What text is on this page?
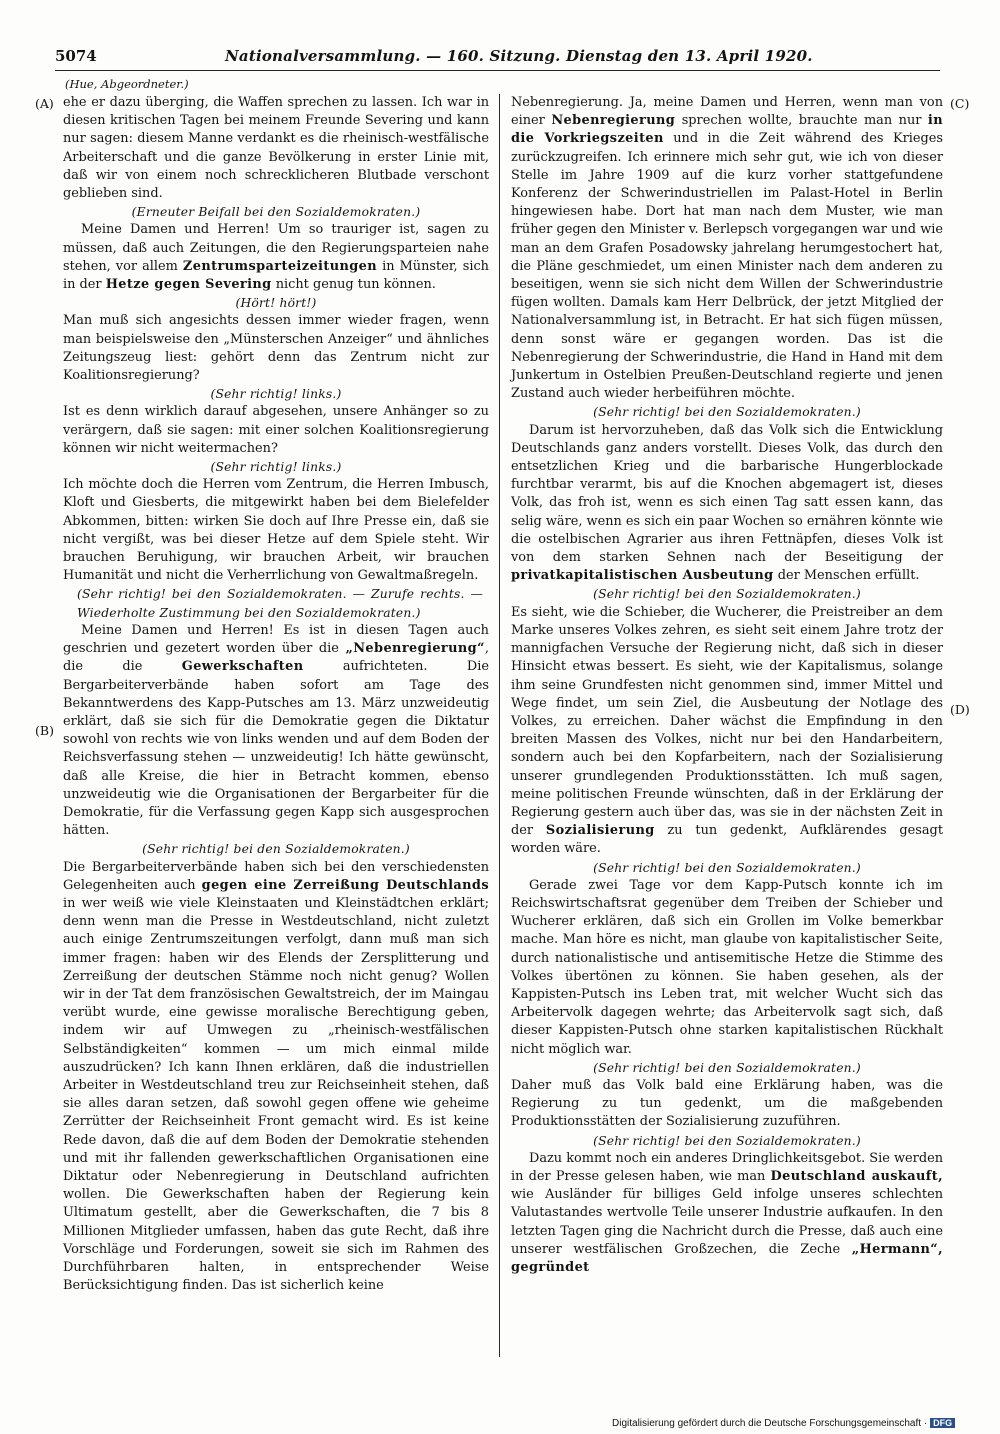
5074	Nationalversammlung. — 160. Sitzung. Dienstag den 13. April 1920.
(Hue, Abgeordneter.)
(A)
(B)
(C)
(D)

ehe er dazu überging, die Waffen sprechen zu lassen. Ich war in diesen kritischen Tagen bei meinem Freunde Severing und kann nur sagen: diesem Manne verdankt es die rheinisch-westfälische Arbeiterschaft und die ganze Bevölkerung in erster Linie mit, daß wir von einem noch schrecklicheren Blutbade verschont geblieben sind.

(Erneuter Beifall bei den Sozialdemokraten.)

Meine Damen und Herren! Um so trauriger ist, sagen zu müssen, daß auch Zeitungen, die den Regierungsparteien nahe stehen, vor allem Zentrumsparteizeitungen in Münster, sich in der Hetze gegen Severing nicht genug tun können.

(Hört! hört!)

Man muß sich angesichts dessen immer wieder fragen, wenn man beispielsweise den „Münsterschen Anzeiger“ und ähnliches Zeitungszeug liest: gehört denn das Zentrum nicht zur Koalitionsregierung?

(Sehr richtig! links.)

Ist es denn wirklich darauf abgesehen, unsere Anhänger so zu verärgern, daß sie sagen: mit einer solchen Koalitionsregierung können wir nicht weitermachen?

(Sehr richtig! links.)

Ich möchte doch die Herren vom Zentrum, die Herren Imbusch, Kloft und Giesberts, die mitgewirkt haben bei dem Bielefelder Abkommen, bitten: wirken Sie doch auf Ihre Presse ein, daß sie nicht vergißt, was bei dieser Hetze auf dem Spiele steht. Wir brauchen Beruhigung, wir brauchen Arbeit, wir brauchen Humanität und nicht die Verherrlichung von Gewaltmaßregeln.

(Sehr richtig! bei den Sozialdemokraten. — Zurufe rechts. — Wiederholte Zustimmung bei den Sozialdemokraten.)

Meine Damen und Herren! Es ist in diesen Tagen auch geschrien und gezetert worden über die „Nebenregierung“, die die	Gewerkschaften	aufrichteten. Die Bergarbeiterverbände haben sofort am Tage des Bekanntwerdens des Kapp-Putsches am 13. März unzweideutig erklärt, daß sie sich für die Demokratie gegen die Diktatur sowohl von rechts wie von links wenden und auf dem Boden der Reichsverfassung stehen — unzweideutig! Ich hätte gewünscht, daß alle Kreise, die hier in Betracht kommen, ebenso unzweideutig wie die Organisationen der Bergarbeiter für die Demokratie, für die Verfassung gegen Kapp sich ausgesprochen hätten.

(Sehr richtig! bei den Sozialdemokraten.)

Die Bergarbeiterverbände haben sich bei den verschiedensten Gelegenheiten auch gegen eine Zerreißung Deutschlands in wer weiß wie viele Kleinstaaten und Kleinstädtchen erklärt; denn wenn man die Presse in Westdeutschland, nicht zuletzt auch einige Zentrumszeitungen verfolgt, dann muß man sich immer fragen: haben wir des Elends der Zersplitterung und Zerreißung der deutschen Stämme noch nicht genug? Wollen wir in der Tat dem französischen Gewaltstreich, der im Maingau verübt wurde, eine gewisse moralische Berechtigung geben, indem wir auf Umwegen zu „rheinisch-westfälischen Selbständigkeiten“ kommen — um mich einmal milde auszudrücken? Ich kann Ihnen erklären, daß die industriellen Arbeiter in Westdeutschland treu zur Reichseinheit stehen, daß sie alles daran setzen, daß sowohl gegen offene wie geheime Zerrütter der Reichseinheit Front gemacht wird. Es ist keine Rede davon, daß die auf dem Boden der Demokratie stehenden und mit ihr fallenden gewerkschaftlichen Organisationen eine Diktatur oder Nebenregierung in Deutschland aufrichten wollen. Die Gewerkschaften haben der Regierung kein Ultimatum gestellt, aber die Gewerkschaften, die 7 bis 8 Millionen Mitglieder umfassen, haben das gute Recht, daß ihre Vorschläge und Forderungen, soweit sie sich im Rahmen des Durchführbaren halten, in entsprechender Weise Berücksichtigung finden. Das ist sicherlich keine

Nebenregierung. Ja, meine Damen und Herren, wenn man von einer Nebenregierung sprechen wollte, brauchte man nur in die Vorkriegszeiten und in die Zeit während des Krieges zurückzugreifen. Ich erinnere mich sehr gut, wie ich von dieser Stelle im Jahre 1909 auf die kurz vorher stattgefundene Konferenz der Schwerindustriellen im Palast-Hotel in Berlin hingewiesen habe. Dort hat man nach dem Muster, wie man früher gegen den Minister v. Berlepsch vorgegangen war und wie man an dem Grafen Posadowsky jahrelang herumgestochert hat, die Pläne geschmiedet, um einen Minister nach dem anderen zu beseitigen, wenn sie sich nicht dem Willen der Schwerindustrie fügen wollten. Damals kam Herr Delbrück, der jetzt Mitglied der Nationalversammlung ist, in Betracht. Er hat sich fügen müssen, denn sonst wäre er gegangen worden. Das ist die Nebenregierung der Schwerindustrie, die Hand in Hand mit dem Junkertum in Ostelbien Preußen-Deutschland regierte und jenen Zustand auch wieder herbeiführen möchte.

(Sehr richtig! bei den Sozialdemokraten.)

Darum ist hervorzuheben, daß das Volk sich die Entwicklung Deutschlands ganz anders vorstellt. Dieses Volk, das durch den entsetzlichen Krieg und die barbarische Hungerblockade furchtbar verarmt, bis auf die Knochen abgemagert ist, dieses Volk, das froh ist, wenn es sich einen Tag satt essen kann, das selig wäre, wenn es sich ein paar Wochen so ernähren könnte wie die ostelbischen Agrarier aus ihren Fettnäpfen, dieses Volk ist von dem starken Sehnen nach der Beseitigung der privatkapitalistischen Ausbeutung der Menschen erfüllt.

(Sehr richtig! bei den Sozialdemokraten.)

Es sieht, wie die Schieber, die Wucherer, die Preistreiber an dem Marke unseres Volkes zehren, es sieht seit einem Jahre trotz der mannigfachen Versuche der Regierung nicht, daß sich in dieser Hinsicht etwas bessert. Es sieht, wie der Kapitalismus, solange ihm seine Grundfesten nicht genommen sind, immer Mittel und Wege findet, um sein Ziel, die Ausbeutung der Notlage des Volkes, zu erreichen. Daher wächst die Empfindung in den breiten Massen des Volkes, nicht nur bei den Handarbeitern, sondern auch bei den Kopfarbeitern, nach der Sozialisierung unserer grundlegenden Produktionsstätten. Ich muß sagen, meine politischen Freunde wünschten, daß in der Erklärung der Regierung gestern auch über das, was sie in der nächsten Zeit in der Sozialisierung zu tun gedenkt, Aufklärendes gesagt worden wäre.

(Sehr richtig! bei den Sozialdemokraten.)

Gerade zwei Tage vor dem Kapp-Putsch konnte ich im Reichswirtschaftsrat gegenüber dem Treiben der Schieber und Wucherer erklären, daß sich ein Grollen im Volke bemerkbar mache. Man höre es nicht, man glaube von kapitalistischer Seite, durch nationalistische und antisemitische Hetze die Stimme des Volkes übertönen zu können. Sie haben gesehen, als der Kappisten-Putsch ins Leben trat, mit welcher Wucht sich das Arbeitervolk dagegen wehrte; das Arbeitervolk sagt sich, daß dieser Kappisten-Putsch ohne starken kapitalistischen Rückhalt nicht möglich war.

(Sehr richtig! bei den Sozialdemokraten.)

Daher muß das Volk bald eine Erklärung haben, was die Regierung zu tun gedenkt, um die maßgebenden Produktionsstätten der Sozialisierung zuzuführen.

(Sehr richtig! bei den Sozialdemokraten.)

Dazu kommt noch ein anderes Dringlichkeitsgebot. Sie werden in der Presse gelesen haben, wie man Deutschland auskauft, wie Ausländer für billiges Geld infolge unseres schlechten Valutastandes wertvolle Teile unserer Industrie aufkaufen. In den letzten Tagen ging die Nachricht durch die Presse, daß auch eine unserer westfälischen Großzechen, die Zeche „Hermann“, gegründet

Digitalisierung gefördert durch die Deutsche Forschungsgemeinschaft · DFG
